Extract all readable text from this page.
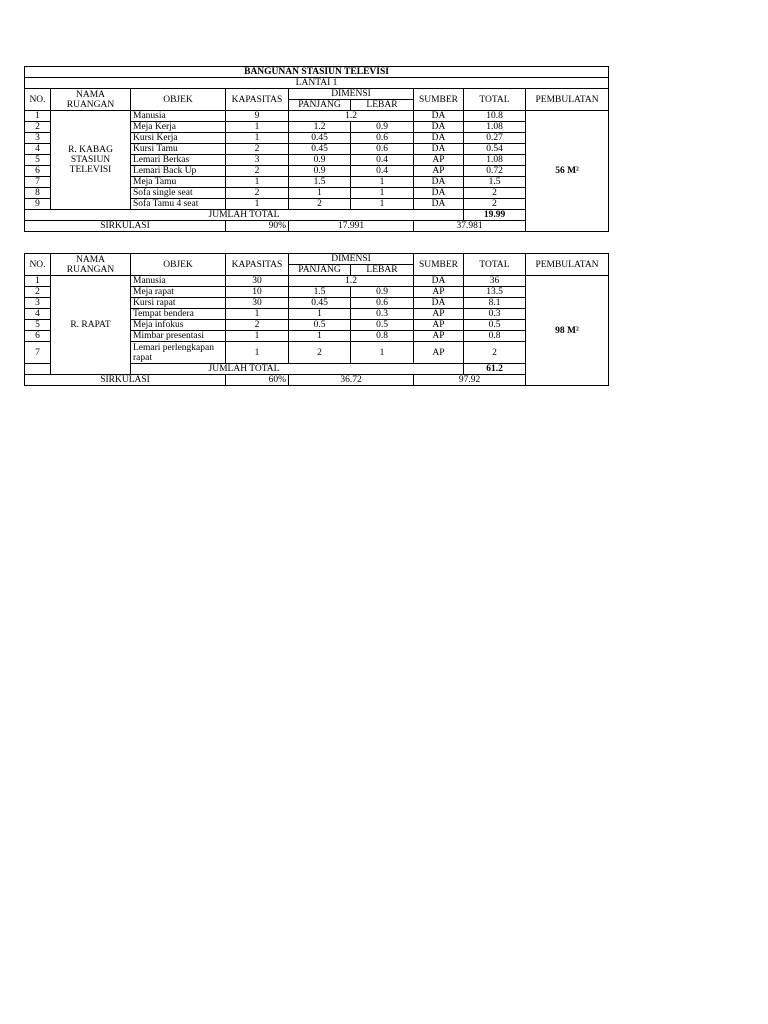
BANGUNAN STASIUN TELEVISI								
LANTAI 1								
NO.	NAMA RUANGAN	OBJEK	KAPASITAS	DIMENSI		SUMBER	TOTAL	PEMBULATAN
				PANJANG	LEBAR			
1	R. KABAG STASIUN TELEVISI	Manusia	9	1.2		DA	10.8	56 M²
2		Meja Kerja	1	1.2	0.9	DA	1.08	
3		Kursi Kerja	1	0.45	0.6	DA	0.27	
4		Kursi Tamu	2	0.45	0.6	DA	0.54	
5		Lemari Berkas	3	0.9	0.4	AP	1.08	
6		Lemari Back Up	2	0.9	0.4	AP	0.72	
7		Meja Tamu	1	1.5	1	DA	1.5	
8		Sofa single seat	2	1	1	DA	2	
9		Sofa Tamu 4 seat	1	2	1	DA	2	
JUMLAH TOTAL							19.99	
SIRKULASI			90%	17.991		37.981		
NO.	NAMA RUANGAN	OBJEK	KAPASITAS	DIMENSI		SUMBER	TOTAL	PEMBULATAN
				PANJANG	LEBAR			
1	R. RAPAT	Manusia	30	1.2		DA	36	98 M²
2		Meja rapat	10	1.5	0.9	AP	13.5	
3		Kursi rapat	30	0.45	0.6	DA	8.1	
4		Tempat bendera	1	1	0.3	AP	0.3	
5		Meja infokus	2	0.5	0.5	AP	0.5	
6		Mimbar presentasi	1	1	0.8	AP	0.8	
7		Lemari perlengkapan rapat	1	2	1	AP	2	
JUMLAH TOTAL							61.2	
SIRKULASI			60%	36.72		97.92		
